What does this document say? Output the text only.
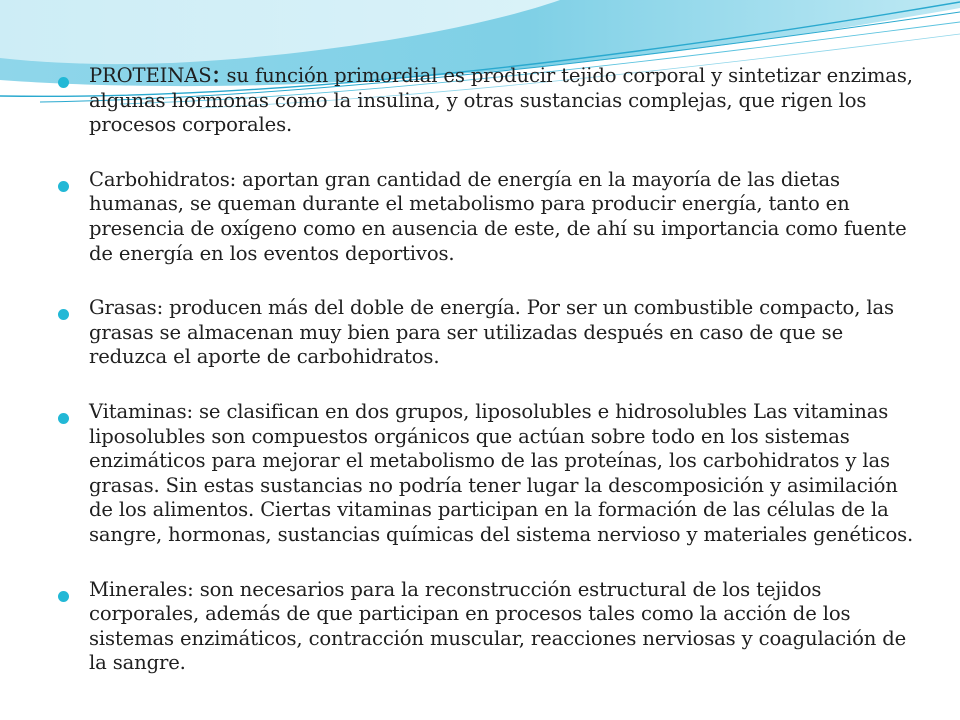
PROTEINAS: su función primordial es producir tejido corporal y sintetizar enzimas, algunas hormonas como la insulina, y otras sustancias complejas, que rigen los procesos corporales.
Carbohidratos: aportan gran cantidad de energía en la mayoría de las dietas humanas, se queman durante el metabolismo para producir energía, tanto en presencia de oxígeno como en ausencia de este, de ahí su importancia como fuente de energía en los eventos deportivos.
Grasas: producen más del doble de energía. Por ser un combustible compacto, las grasas se almacenan muy bien para ser utilizadas después en caso de que se reduzca el aporte de carbohidratos.
Vitaminas: se clasifican en dos grupos, liposolubles e hidrosolubles Las vitaminas liposolubles son compuestos orgánicos que actúan sobre todo en los sistemas enzimáticos para mejorar el metabolismo de las proteínas, los carbohidratos y las grasas. Sin estas sustancias no podría tener lugar la descomposición y asimilación de los alimentos. Ciertas vitaminas participan en la formación de las células de la sangre, hormonas, sustancias químicas del sistema nervioso y materiales genéticos.
Minerales: son necesarios para la reconstrucción estructural de los tejidos corporales, además de que participan en procesos tales como la acción de los sistemas enzimáticos, contracción muscular, reacciones nerviosas y coagulación de la sangre.
